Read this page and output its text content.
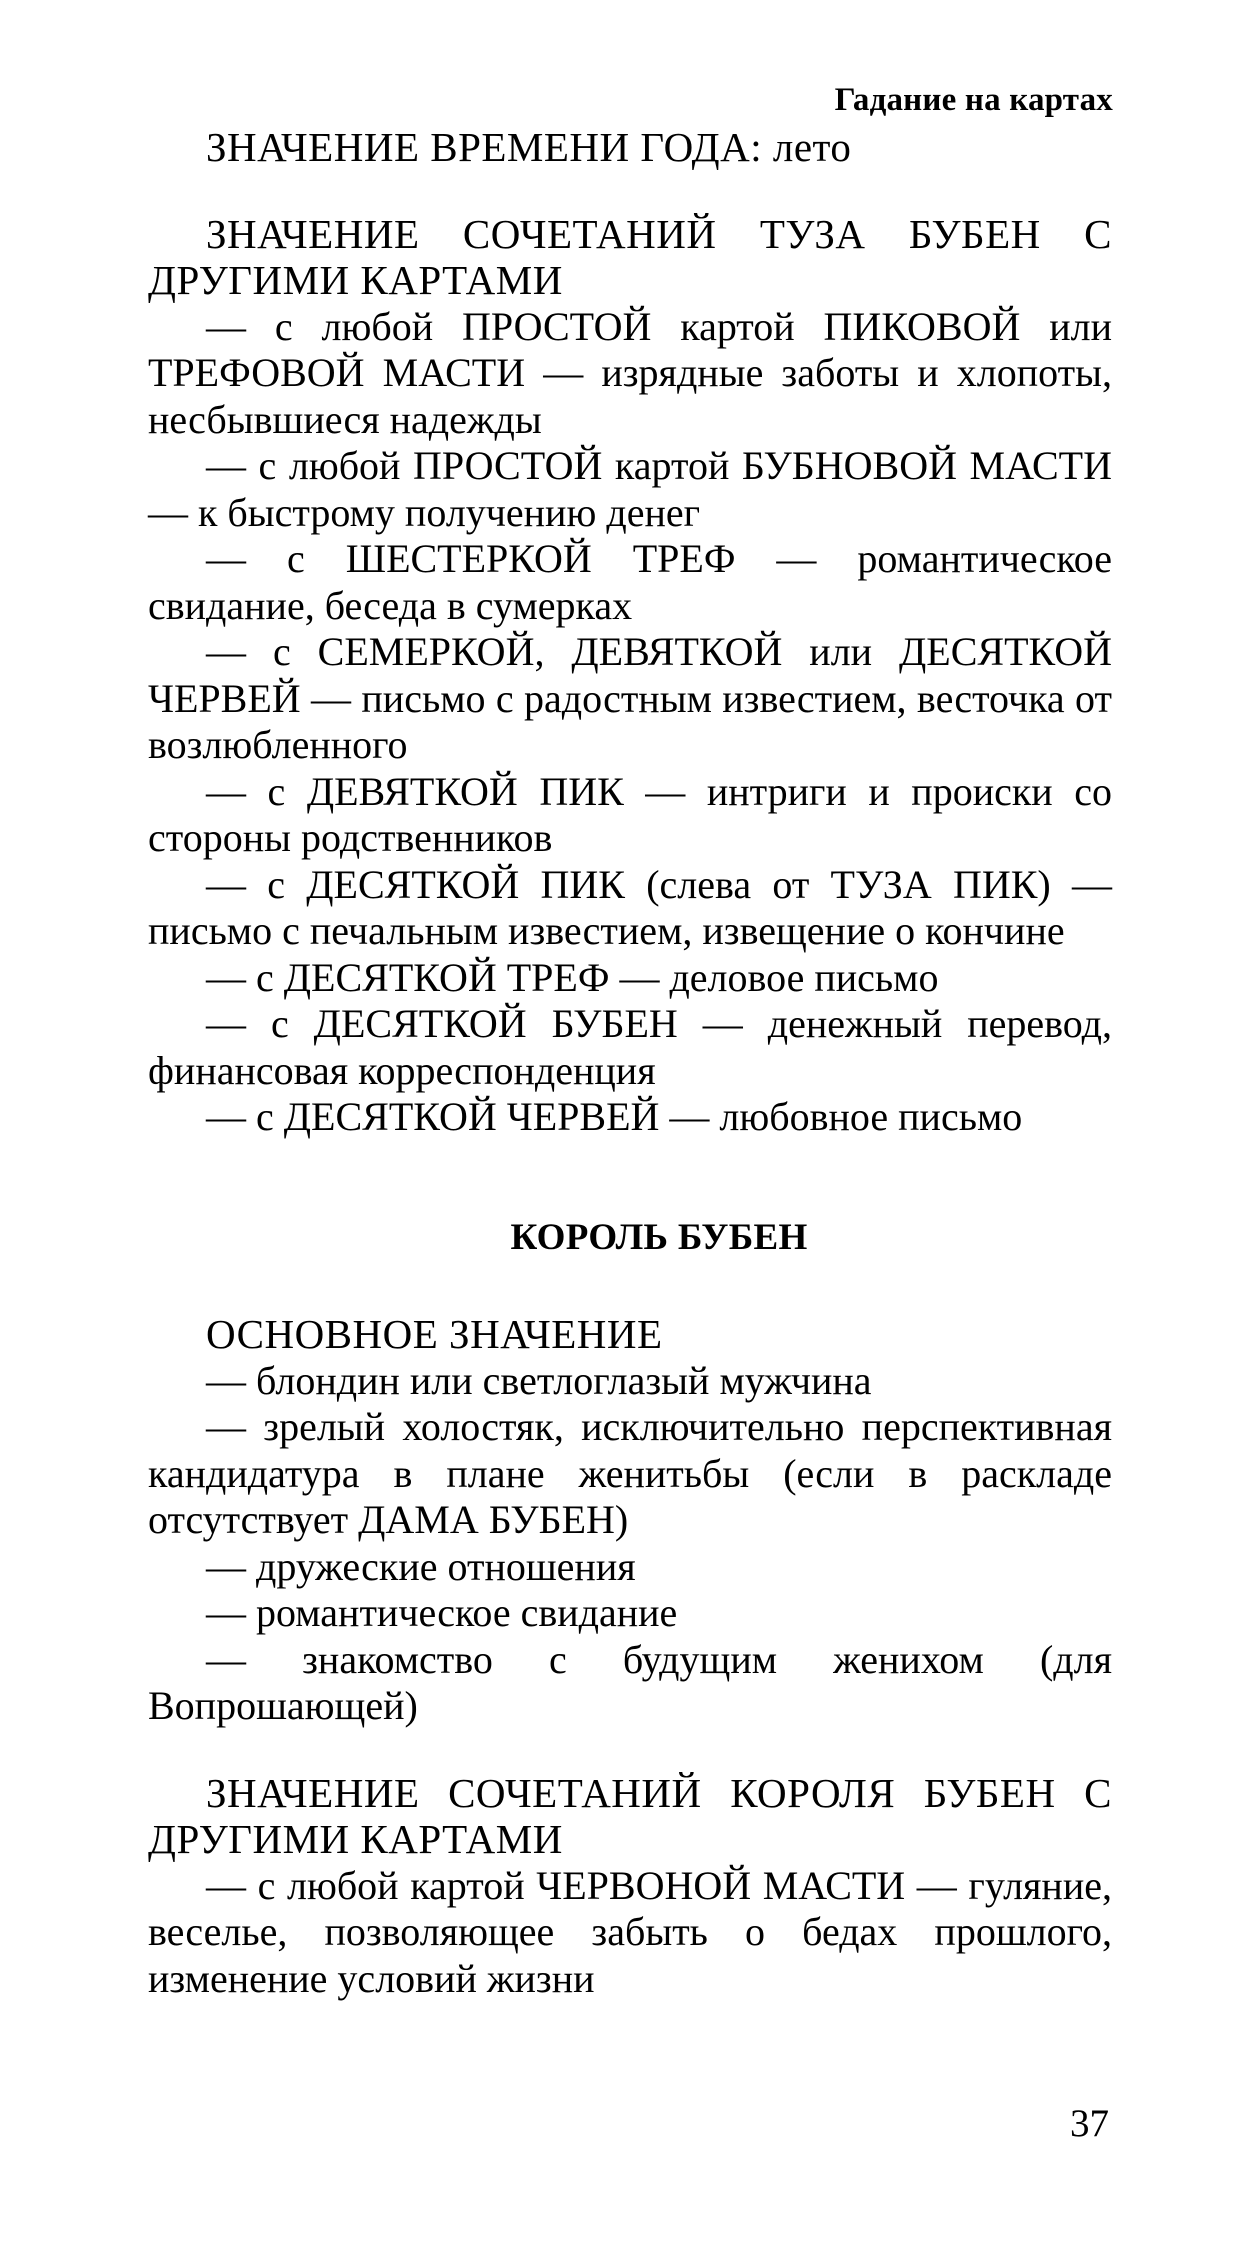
Гадание на картах

ЗНАЧЕНИЕ ВРЕМЕНИ ГОДА: лето

ЗНАЧЕНИЕ СОЧЕТАНИЙ ТУЗА БУБЕН С ДРУГИМИ КАРТАМИ

— с любой ПРОСТОЙ картой ПИКОВОЙ или ТРЕФОВОЙ МАСТИ — изрядные заботы и хлопоты, несбывшиеся надежды

— с любой ПРОСТОЙ картой БУБНОВОЙ МАСТИ — к быстрому получению денег

— с ШЕСТЕРКОЙ ТРЕФ — романтическое свидание, беседа в сумерках

— с СЕМЕРКОЙ, ДЕВЯТКОЙ или ДЕСЯТКОЙ ЧЕРВЕЙ — письмо с радостным известием, весточка от возлюбленного

— с ДЕВЯТКОЙ ПИК — интриги и происки со стороны родственников

— с ДЕСЯТКОЙ ПИК (слева от ТУЗА ПИК) — письмо с печальным известием, извещение о кончине

— с ДЕСЯТКОЙ ТРЕФ — деловое письмо

— с ДЕСЯТКОЙ БУБЕН — денежный перевод, финансовая корреспонденция

— с ДЕСЯТКОЙ ЧЕРВЕЙ — любовное письмо

КОРОЛЬ БУБЕН

ОСНОВНОЕ ЗНАЧЕНИЕ

— блондин или светлоглазый мужчина

— зрелый холостяк, исключительно перспективная кандидатура в плане женитьбы (если в раскладе отсутствует ДАМА БУБЕН)

— дружеские отношения

— романтическое свидание

— знакомство с будущим женихом (для Вопрошающей)

ЗНАЧЕНИЕ СОЧЕТАНИЙ КОРОЛЯ БУБЕН С ДРУГИМИ КАРТАМИ

— с любой картой ЧЕРВОНОЙ МАСТИ — гуляние, веселье, позволяющее забыть о бедах прошлого, изменение условий жизни

37
